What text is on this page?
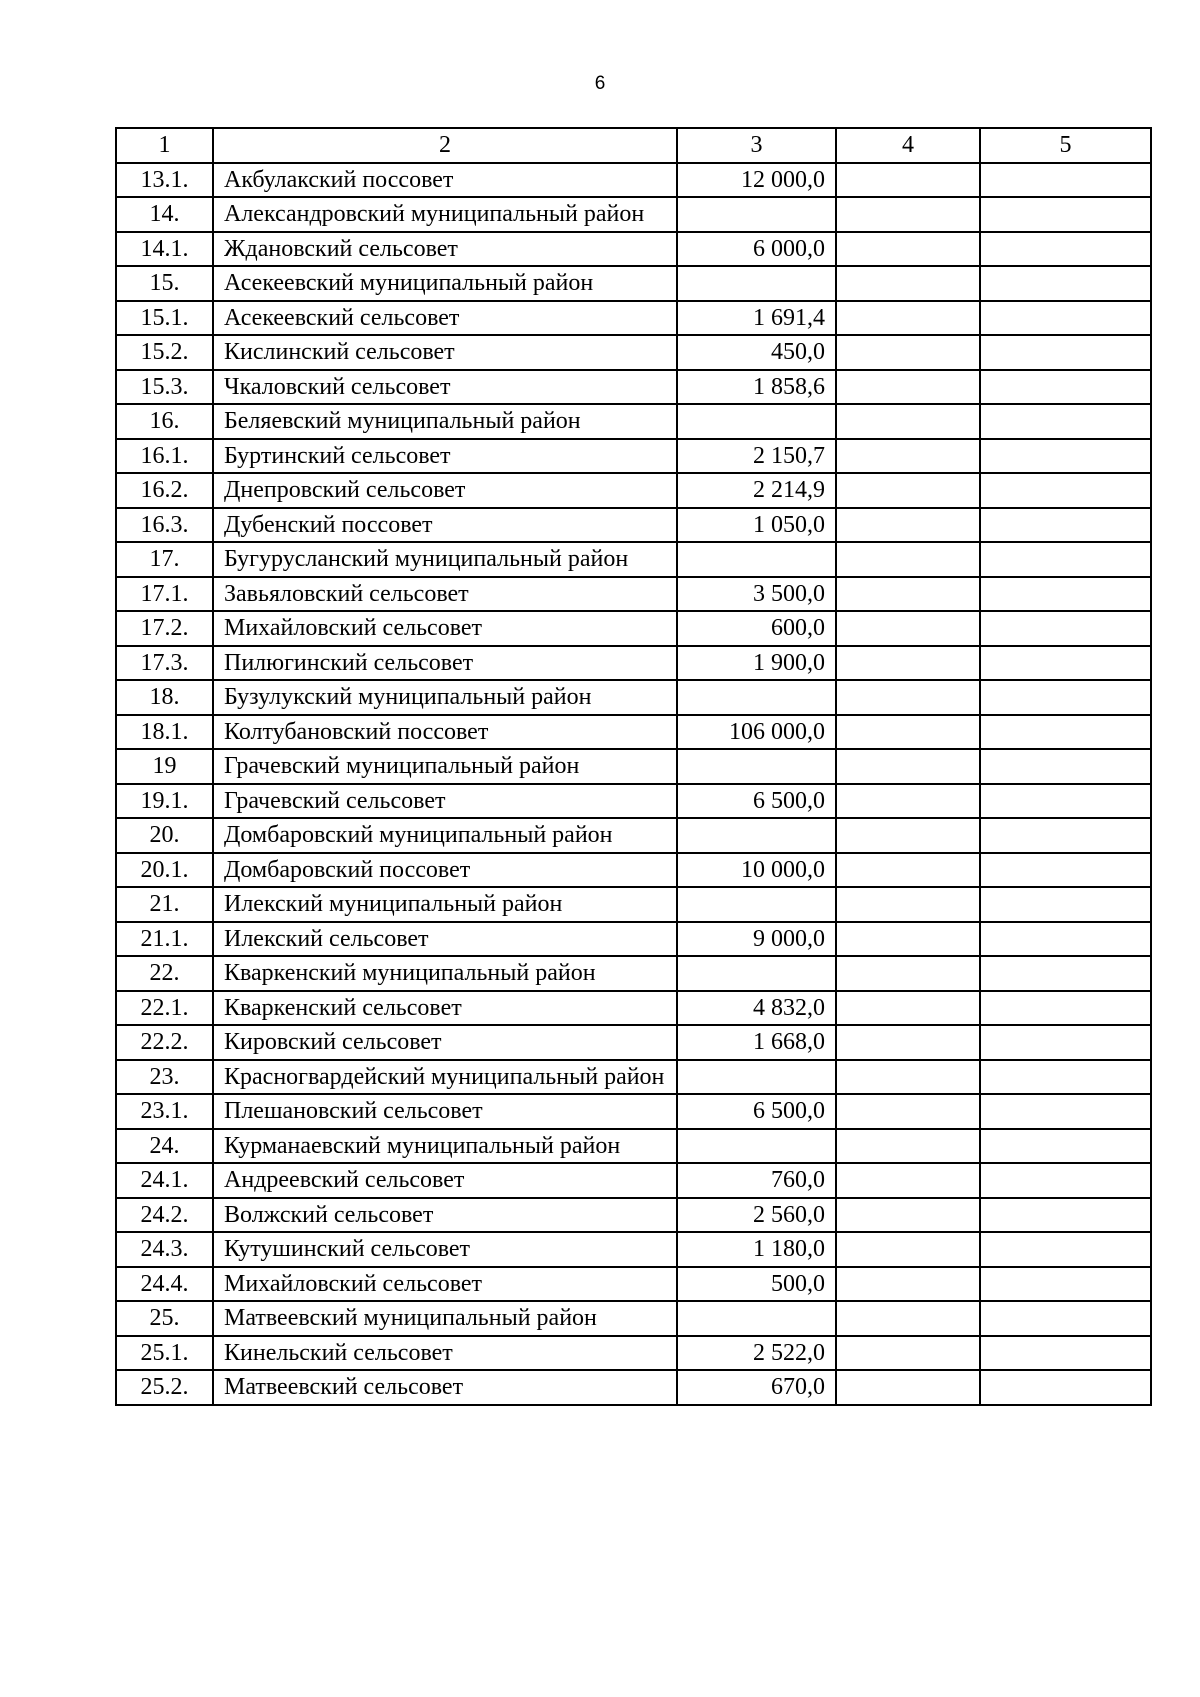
6
1	2	3	4	5
13.1.	Акбулакский поссовет	12 000,0		
14.	Александровский муниципальный район			
14.1.	Ждановский сельсовет	6 000,0		
15.	Асекеевский муниципальный район			
15.1.	Асекеевский сельсовет	1 691,4		
15.2.	Кислинский сельсовет	450,0		
15.3.	Чкаловский сельсовет	1 858,6		
16.	Беляевский муниципальный район			
16.1.	Буртинский сельсовет	2 150,7		
16.2.	Днепровский сельсовет	2 214,9		
16.3.	Дубенский поссовет	1 050,0		
17.	Бугурусланский муниципальный район			
17.1.	Завьяловский сельсовет	3 500,0		
17.2.	Михайловский сельсовет	600,0		
17.3.	Пилюгинский сельсовет	1 900,0		
18.	Бузулукский муниципальный район			
18.1.	Колтубановский поссовет	106 000,0		
19	Грачевский муниципальный район			
19.1.	Грачевский сельсовет	6 500,0		
20.	Домбаровский муниципальный район			
20.1.	Домбаровский поссовет	10 000,0		
21.	Илекский муниципальный район			
21.1.	Илекский сельсовет	9 000,0		
22.	Кваркенский муниципальный район			
22.1.	Кваркенский сельсовет	4 832,0		
22.2.	Кировский сельсовет	1 668,0		
23.	Красногвардейский муниципальный район			
23.1.	Плешановский сельсовет	6 500,0		
24.	Курманаевский муниципальный район			
24.1.	Андреевский сельсовет	760,0		
24.2.	Волжский сельсовет	2 560,0		
24.3.	Кутушинский сельсовет	1 180,0		
24.4.	Михайловский сельсовет	500,0		
25.	Матвеевский муниципальный район			
25.1.	Кинельский сельсовет	2 522,0		
25.2.	Матвеевский сельсовет	670,0		
